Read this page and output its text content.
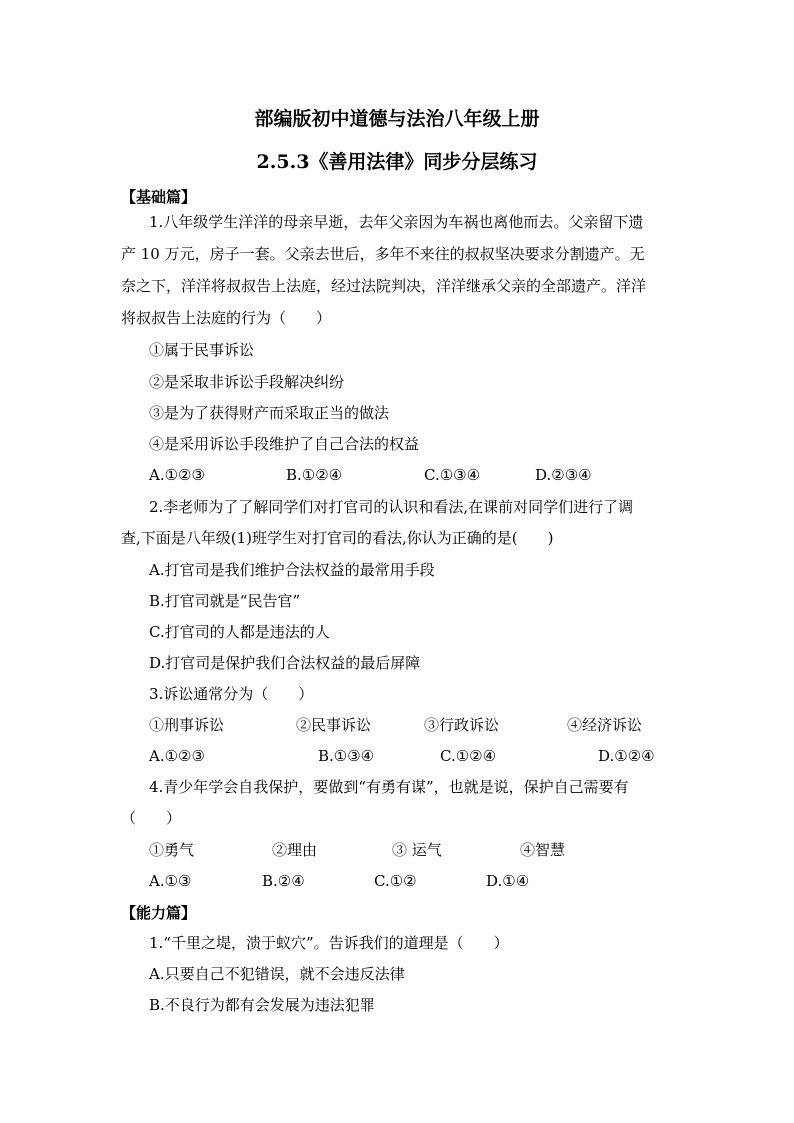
部编版初中道德与法治八年级上册
2.5.3《善用法律》同步分层练习
【基础篇】
1.八年级学生洋洋的母亲早逝，去年父亲因为车祸也离他而去。父亲留下遗
产 10 万元，房子一套。父亲去世后，多年不来往的叔叔坚决要求分割遗产。无
奈之下，洋洋将叔叔告上法庭，经过法院判决，洋洋继承父亲的全部遗产。洋洋
将叔叔告上法庭的行为（　　）
①属于民事诉讼
②是采取非诉讼手段解决纠纷
③是为了获得财产而采取正当的做法
④是采用诉讼手段维护了自己合法的权益
A.①②③	B.①②④	C.①③④	D.②③④
2.李老师为了了解同学们对打官司的认识和看法,在课前对同学们进行了调
查,下面是八年级(1)班学生对打官司的看法,你认为正确的是(　　)
A.打官司是我们维护合法权益的最常用手段
B.打官司就是“民告官”
C.打官司的人都是违法的人
D.打官司是保护我们合法权益的最后屏障
3.诉讼通常分为（　　）
①刑事诉讼	②民事诉讼	③行政诉讼	④经济诉讼
A.①②③	B.①③④	C.①②④	D.①②④
4.青少年学会自我保护，要做到“有勇有谋”，也就是说，保护自己需要有
（　　）
①勇气	②理由	③ 运气	④智慧
A.①③	B.②④	C.①②	D.①④
【能力篇】
1.“千里之堤，溃于蚁穴”。告诉我们的道理是（　　）
A.只要自己不犯错误，就不会违反法律
B.不良行为都有会发展为违法犯罪
